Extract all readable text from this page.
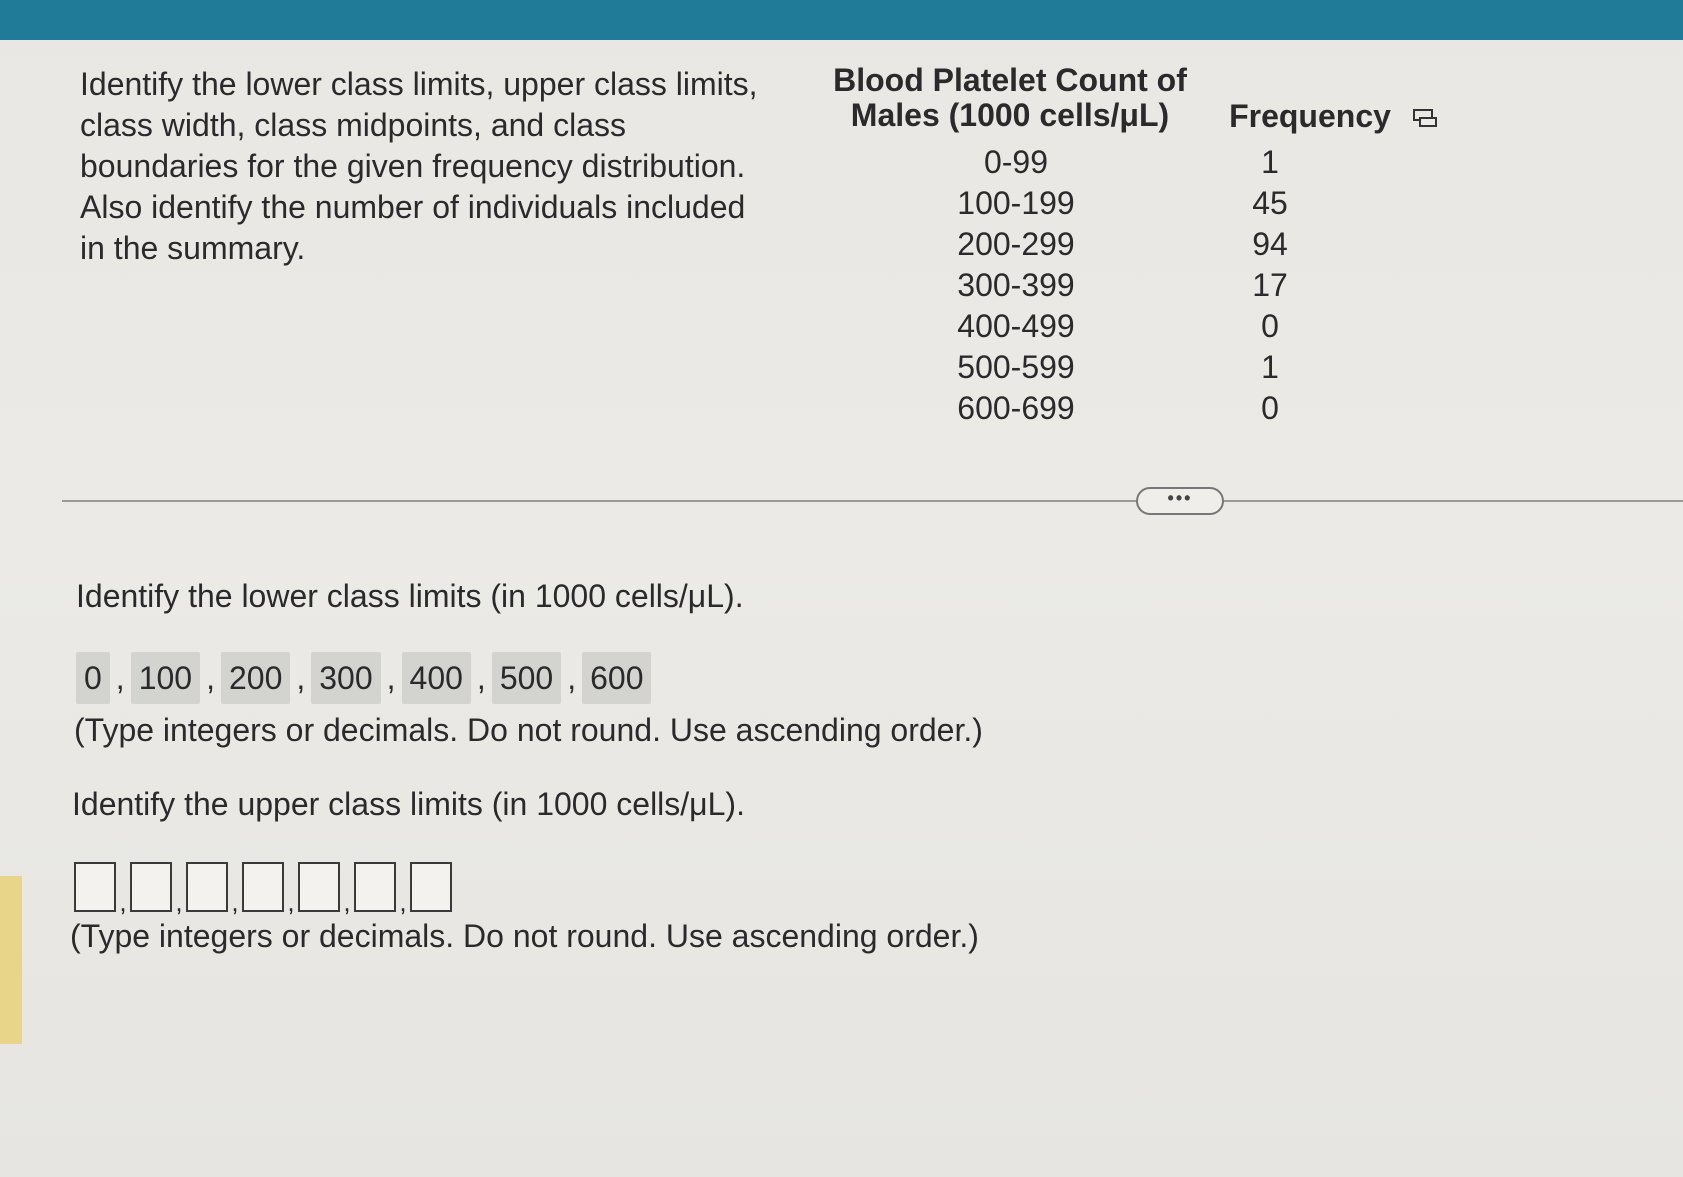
Identify the lower class limits, upper class limits,
class width, class midpoints, and class
boundaries for the given frequency distribution.
Also identify the number of individuals included
in the summary.
Blood Platelet Count of
Males (1000 cells/μL)	Frequency
0-99	1
100-199	45
200-299	94
300-399	17
400-499	0
500-599	1
600-699	0
•••
Identify the lower class limits (in 1000 cells/μL).
0 , 100 , 200 , 300 , 400 , 500 , 600
(Type integers or decimals. Do not round. Use ascending order.)
Identify the upper class limits (in 1000 cells/μL).
, , , , , ,
(Type integers or decimals. Do not round. Use ascending order.)
